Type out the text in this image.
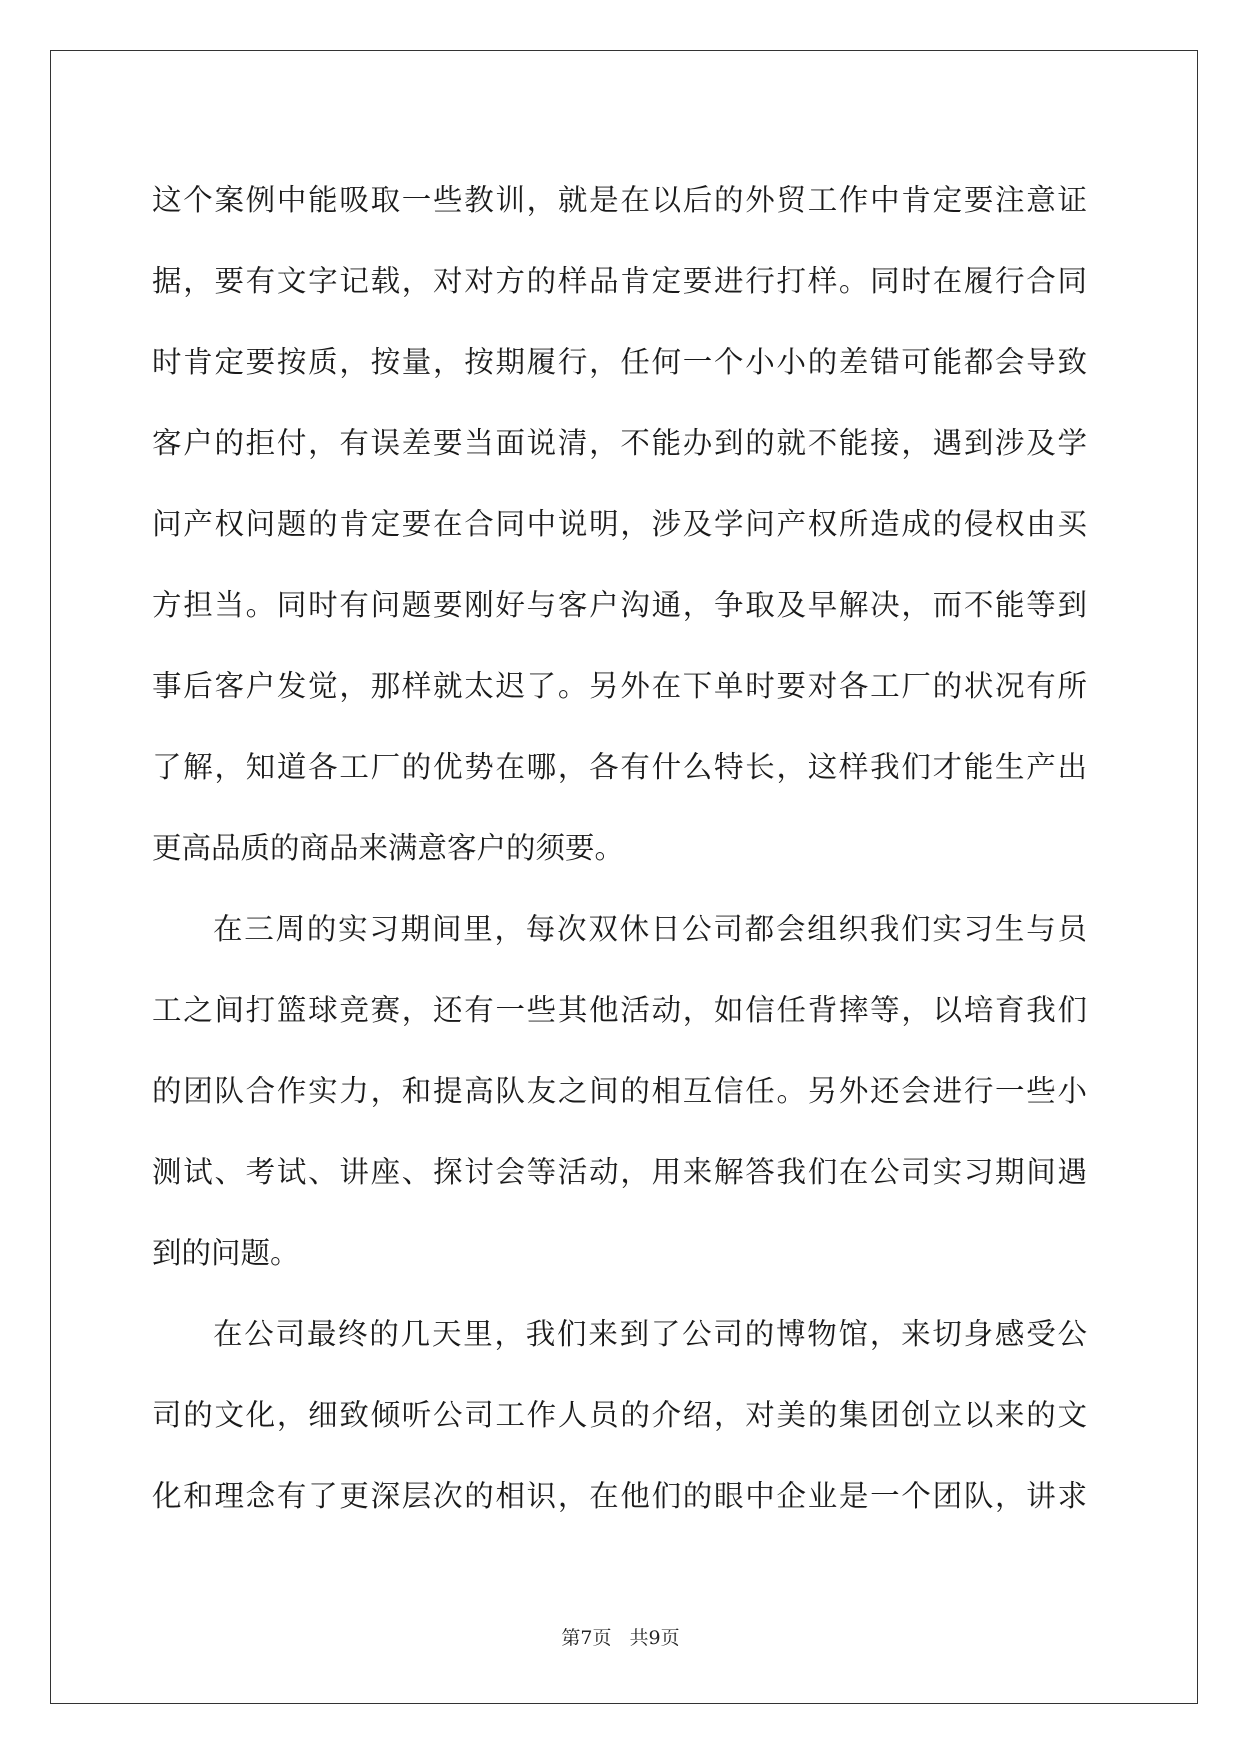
这个案例中能吸取一些教训，就是在以后的外贸工作中肯定要注意证
据，要有文字记载，对对方的样品肯定要进行打样。同时在履行合同
时肯定要按质，按量，按期履行，任何一个小小的差错可能都会导致
客户的拒付，有误差要当面说清，不能办到的就不能接，遇到涉及学
问产权问题的肯定要在合同中说明，涉及学问产权所造成的侵权由买
方担当。同时有问题要刚好与客户沟通，争取及早解决，而不能等到
事后客户发觉，那样就太迟了。另外在下单时要对各工厂的状况有所
了解，知道各工厂的优势在哪，各有什么特长，这样我们才能生产出
更高品质的商品来满意客户的须要。
在三周的实习期间里，每次双休日公司都会组织我们实习生与员
工之间打篮球竞赛，还有一些其他活动，如信任背摔等，以培育我们
的团队合作实力，和提高队友之间的相互信任。另外还会进行一些小
测试、考试、讲座、探讨会等活动，用来解答我们在公司实习期间遇
到的问题。
在公司最终的几天里，我们来到了公司的博物馆，来切身感受公
司的文化，细致倾听公司工作人员的介绍，对美的集团创立以来的文
化和理念有了更深层次的相识，在他们的眼中企业是一个团队，讲求
第7页 共9页
